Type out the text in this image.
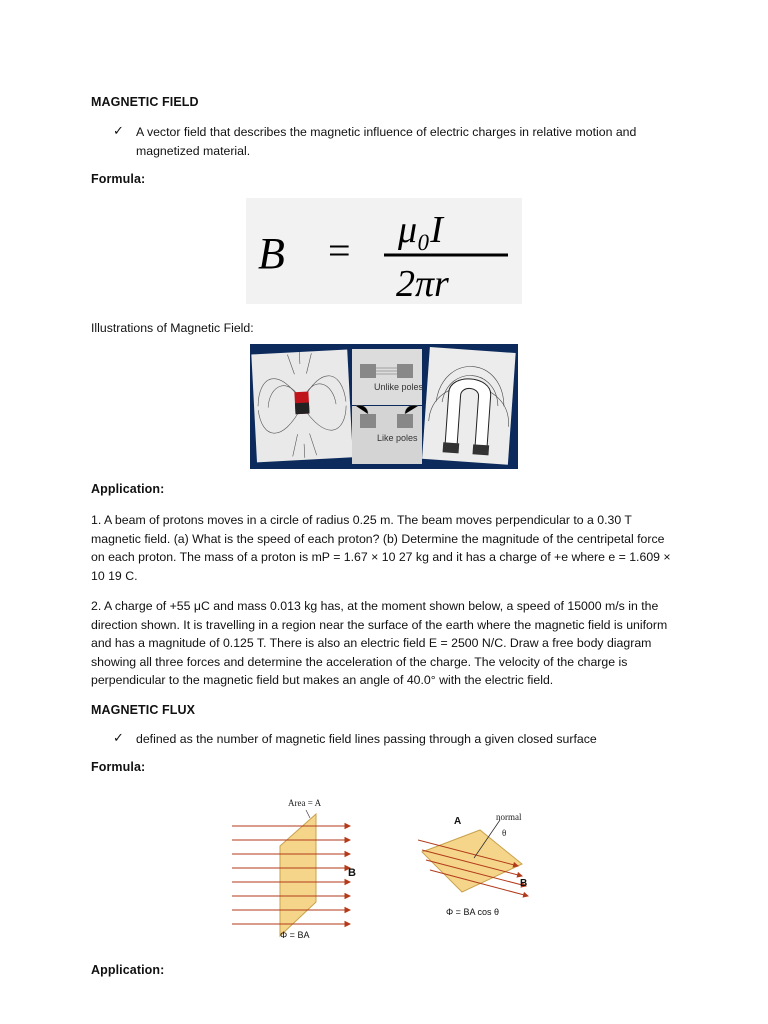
MAGNETIC FIELD
✓ A vector field that describes the magnetic influence of electric charges in relative motion and magnetized material.
Formula:
B = μ₀I
2πr
Illustrations of Magnetic Field:
Unlike poles
Like poles
Application:
1. A beam of protons moves in a circle of radius 0.25 m. The beam moves perpendicular to a 0.30 T magnetic field. (a) What is the speed of each proton? (b) Determine the magnitude of the centripetal force on each proton. The mass of a proton is mP = 1.67 × 10 27 kg and it has a charge of +e where e = 1.609 × 10 19 C.
2. A charge of +55 μC and mass 0.013 kg has, at the moment shown below, a speed of 15000 m/s in the direction shown. It is travelling in a region near the surface of the earth where the magnetic field is uniform and has a magnitude of 0.125 T. There is also an electric field E = 2500 N/C. Draw a free body diagram showing all three forces and determine the acceleration of the charge. The velocity of the charge is perpendicular to the magnetic field but makes an angle of 40.0° with the electric field.
MAGNETIC FLUX
✓ defined as the number of magnetic field lines passing through a given closed surface
Formula:
Area = A
B
Φ = BA
A	normal
θ
B
Φ = BA cos θ
Application:
